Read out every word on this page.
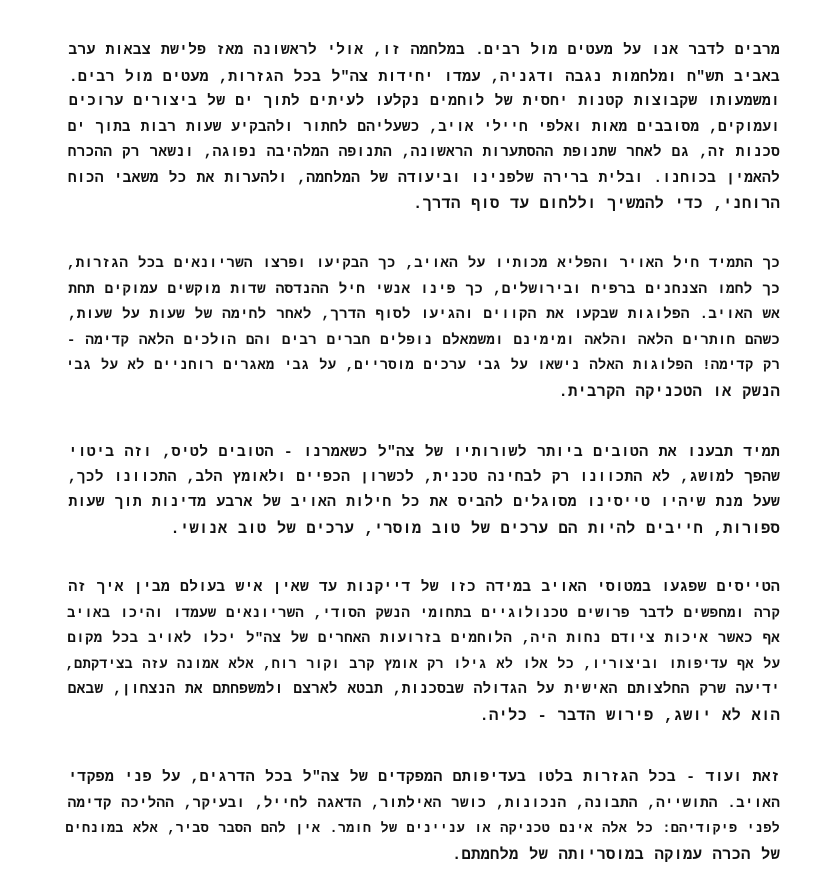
מרבים לדבר אנו על מעטים מול רבים. במלחמה זו, אולי לראשונה מאז פלישת צבאות ערב
באביב תש"ח ומלחמות נגבה ודגניה, עמדו יחידות צה"ל בכל הגזרות, מעטים מול רבים.
ומשמעותו שקבוצות קטנות יחסית של לוחמים נקלעו לעיתים לתוך ים של ביצורים ערוכים
ועמוקים, מסובבים מאות ואלפי חיילי אויב, כשעליהם לחתור ולהבקיע שעות רבות בתוך ים
סכנות זה, גם לאחר שתנופת ההסתערות הראשונה, התנופה המלהיבה נפוגה, ונשאר רק ההכרח
להאמין בכוחנו. ובלית ברירה שלפנינו וביעודה של המלחמה, ולהערות את כל משאבי הכוח
הרוחני, כדי להמשיך וללחום עד סוף הדרך.
כך התמיד חיל האויר והפליא מכותיו על האויב, כך הבקיעו ופרצו השריונאים בכל הגזרות,
כך לחמו הצנחנים ברפיח ובירושלים, כך פינו אנשי חיל ההנדסה שדות מוקשים עמוקים תחת
אש האויב. הפלוגות שבקעו את הקווים והגיעו לסוף הדרך, לאחר לחימה של שעות על שעות,
כשהם חותרים הלאה והלאה ומימינם ומשמאלם נופלים חברים רבים והם הולכים הלאה קדימה -
רק קדימה! הפלוגות האלה נישאו על גבי ערכים מוסריים, על גבי מאגרים רוחניים לא על גבי
הנשק או הטכניקה הקרבית.
תמיד תבענו את הטובים ביותר לשורותיו של צה"ל כשאמרנו - הטובים לטיס, וזה ביטוי
שהפך למושג, לא התכוונו רק לבחינה טכנית, לכשרון הכפיים ולאומץ הלב, התכוונו לכך,
שעל מנת שיהיו טייסינו מסוגלים להביס את כל חילות האויב של ארבע מדינות תוך שעות
ספורות, חייבים להיות הם ערכים של טוב מוסרי, ערכים של טוב אנושי.
הטייסים שפגעו במטוסי האויב במידה כזו של דייקנות עד שאין איש בעולם מבין איך זה
קרה ומחפשים לדבר פרושים טכנולוגיים בתחומי הנשק הסודי, השריונאים שעמדו והיכו באויב
אף כאשר איכות ציודם נחות היה, הלוחמים בזרועות האחרים של צה"ל יכלו לאויב בכל מקום
על אף עדיפותו וביצוריו, כל אלו לא גילו רק אומץ קרב וקור רוח, אלא אמונה עזה בצידקתם,
ידיעה שרק החלצותם האישית על הגדולה שבסכנות, תבטא לארצם ולמשפחתם את הנצחון, שבאם
הוא לא יושג, פירוש הדבר - כליה.
זאת ועוד - בכל הגזרות בלטו בעדיפותם המפקדים של צה"ל בכל הדרגים, על פני מפקדי
האויב. התושייה, התבונה, הנכונות, כושר האילתור, הדאגה לחייל, ובעיקר, ההליכה קדימה
לפני פיקודיהם: כל אלה אינם טכניקה או עניינים של חומר. אין להם הסבר סביר, אלא במונחים
של הכרה עמוקה במוסריותה של מלחמתם.
